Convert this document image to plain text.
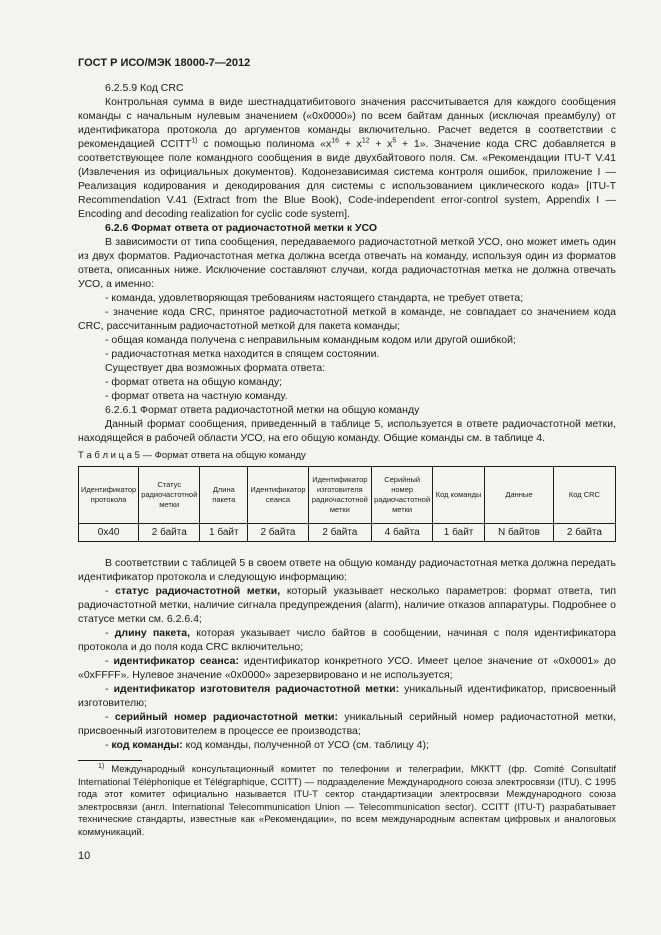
ГОСТ Р ИСО/МЭК 18000-7—2012

6.2.5.9 Код CRC

Контрольная сумма в виде шестнадцатибитового значения рассчитывается для каждого сообщения команды с начальным нулевым значением («0х0000») по всем байтам данных (исключая преамбулу) от идентификатора протокола до аргументов команды включительно. Расчет ведется в соответствии с рекомендацией CCITT$^{1)}$ с помощью полинома «$x^{16} + x^{12} + x^5 + 1$». Значение кода CRC добавляется в соответствующее поле командного сообщения в виде двухбайтового поля. См. «Рекомендации ITU-T V.41 (Извлечения из официальных документов). Кодонезависимая система контроля ошибок, приложение I — Реализация кодирования и декодирования для системы с использованием циклического кода» [ITU-T Recommendation V.41 (Extract from the Blue Book), Code-independent error-control system, Appendix I — Encoding and decoding realization for cyclic code system].

6.2.6 Формат ответа от радиочастотной метки к УСО

В зависимости от типа сообщения, передаваемого радиочастотной меткой УСО, оно может иметь один из двух форматов. Радиочастотная метка должна всегда отвечать на команду, используя один из форматов ответа, описанных ниже. Исключение составляют случаи, когда радиочастотная метка не должна отвечать УСО, а именно:

- команда, удовлетворяющая требованиям настоящего стандарта, не требует ответа;

- значение кода CRC, принятое радиочастотной меткой в команде, не совпадает со значением кода CRC, рассчитанным радиочастотной меткой для пакета команды;

- общая команда получена с неправильным командным кодом или другой ошибкой;

- радиочастотная метка находится в спящем состоянии.

Существует два возможных формата ответа:

- формат ответа на общую команду;

- формат ответа на частную команду.

6.2.6.1 Формат ответа радиочастотной метки на общую команду

Данный формат сообщения, приведенный в таблице 5, используется в ответе радиочастотной метки, находящейся в рабочей области УСО, на его общую команду. Общие команды см. в таблице 4.

Т а б л и ц а 5 — Формат ответа на общую команду

Идентификатор протокола	Статус радиочастотной метки	Длина пакета	Идентификатор сеанса	Идентификатор изготовителя радиочастотной метки	Серийный номер радиочастотной метки	Код команды	Данные	Код CRC
0x40	2 байта	1 байт	2 байта	2 байта	4 байта	1 байт	N байтов	2 байта

В соответствии с таблицей 5 в своем ответе на общую команду радиочастотная метка должна передать идентификатор протокола и следующую информацию:

- статус радиочастотной метки, который указывает несколько параметров: формат ответа, тип радиочастотной метки, наличие сигнала предупреждения (alarm), наличие отказов аппаратуры. Подробнее о статусе метки см. 6.2.6.4;

- длину пакета, которая указывает число байтов в сообщении, начиная с поля идентификатора протокола и до поля кода CRC включительно;

- идентификатор сеанса: идентификатор конкретного УСО. Имеет целое значение от «0x0001» до «0xFFFF». Нулевое значение «0x0000» зарезервировано и не используется;

- идентификатор изготовителя радиочастотной метки: уникальный идентификатор, присвоенный изготовителю;

- серийный номер радиочастотной метки: уникальный серийный номер радиочастотной метки, присвоенный изготовителем в процессе ее производства;

- код команды: код команды, полученной от УСО (см. таблицу 4);

$^{1)}$ Международный консультационный комитет по телефонии и телеграфии, МККТТ (фр. Comité Consultatif International Téléphonique et Télégraphique, CCITT) — подразделение Международного союза электросвязи (ITU). С 1995 года этот комитет официально называется ITU-T сектор стандартизации электросвязи Международного союза электросвязи (англ. International Telecommunication Union — Telecommunication sector). CCITT (ITU-T) разрабатывает технические стандарты, известные как «Рекомендации», по всем международным аспектам цифровых и аналоговых коммуникаций.

10
